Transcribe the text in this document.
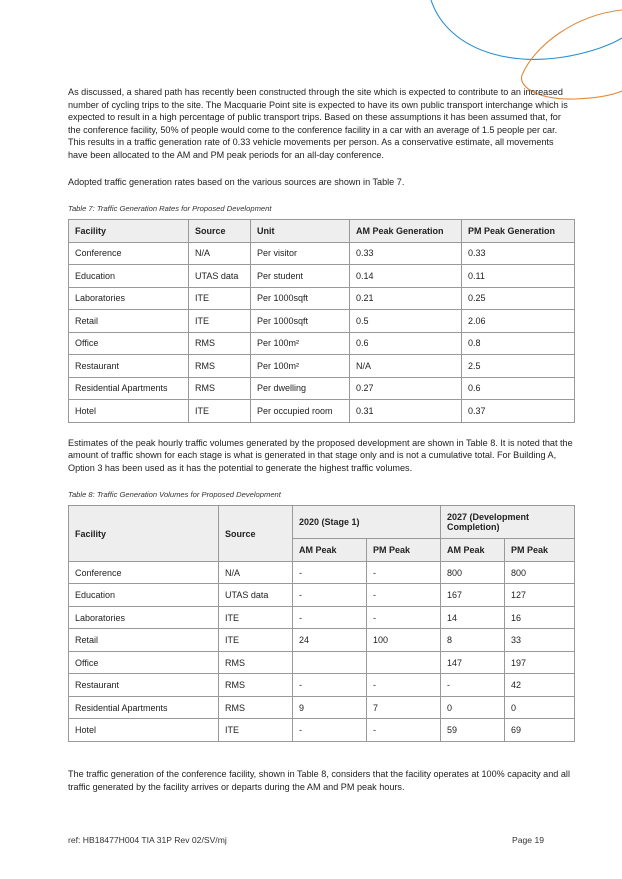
As discussed, a shared path has recently been constructed through the site which is expected to contribute to an increased number of cycling trips to the site. The Macquarie Point site is expected to have its own public transport interchange which is expected to result in a high percentage of public transport trips. Based on these assumptions it has been assumed that, for the conference facility, 50% of people would come to the conference facility in a car with an average of 1.5 people per car. This results in a traffic generation rate of 0.33 vehicle movements per person. As a conservative estimate, all movements have been allocated to the AM and PM peak periods for an all-day conference.

Adopted traffic generation rates based on the various sources are shown in Table 7.

Table 7: Traffic Generation Rates for Proposed Development

Facility	Source	Unit	AM Peak Generation	PM Peak Generation
Conference	N/A	Per visitor	0.33	0.33
Education	UTAS data	Per student	0.14	0.11
Laboratories	ITE	Per 1000sqft	0.21	0.25
Retail	ITE	Per 1000sqft	0.5	2.06
Office	RMS	Per 100m²	0.6	0.8
Restaurant	RMS	Per 100m²	N/A	2.5
Residential Apartments	RMS	Per dwelling	0.27	0.6
Hotel	ITE	Per occupied room	0.31	0.37

Estimates of the peak hourly traffic volumes generated by the proposed development are shown in Table 8. It is noted that the amount of traffic shown for each stage is what is generated in that stage only and is not a cumulative total. For Building A, Option 3 has been used as it has the potential to generate the highest traffic volumes.

Table 8: Traffic Generation Volumes for Proposed Development

Facility	Source	2020 (Stage 1)		2027 (Development Completion)	
		AM Peak	PM Peak	AM Peak	PM Peak
Conference	N/A	-	-	800	800
Education	UTAS data	-	-	167	127
Laboratories	ITE	-	-	14	16
Retail	ITE	24	100	8	33
Office	RMS			147	197
Restaurant	RMS	-	-	-	42
Residential Apartments	RMS	9	7	0	0
Hotel	ITE	-	-	59	69

The traffic generation of the conference facility, shown in Table 8, considers that the facility operates at 100% capacity and all traffic generated by the facility arrives or departs during the AM and PM peak hours.

ref: HB18477H004 TIA 31P Rev 02/SV/mj	Page 19
